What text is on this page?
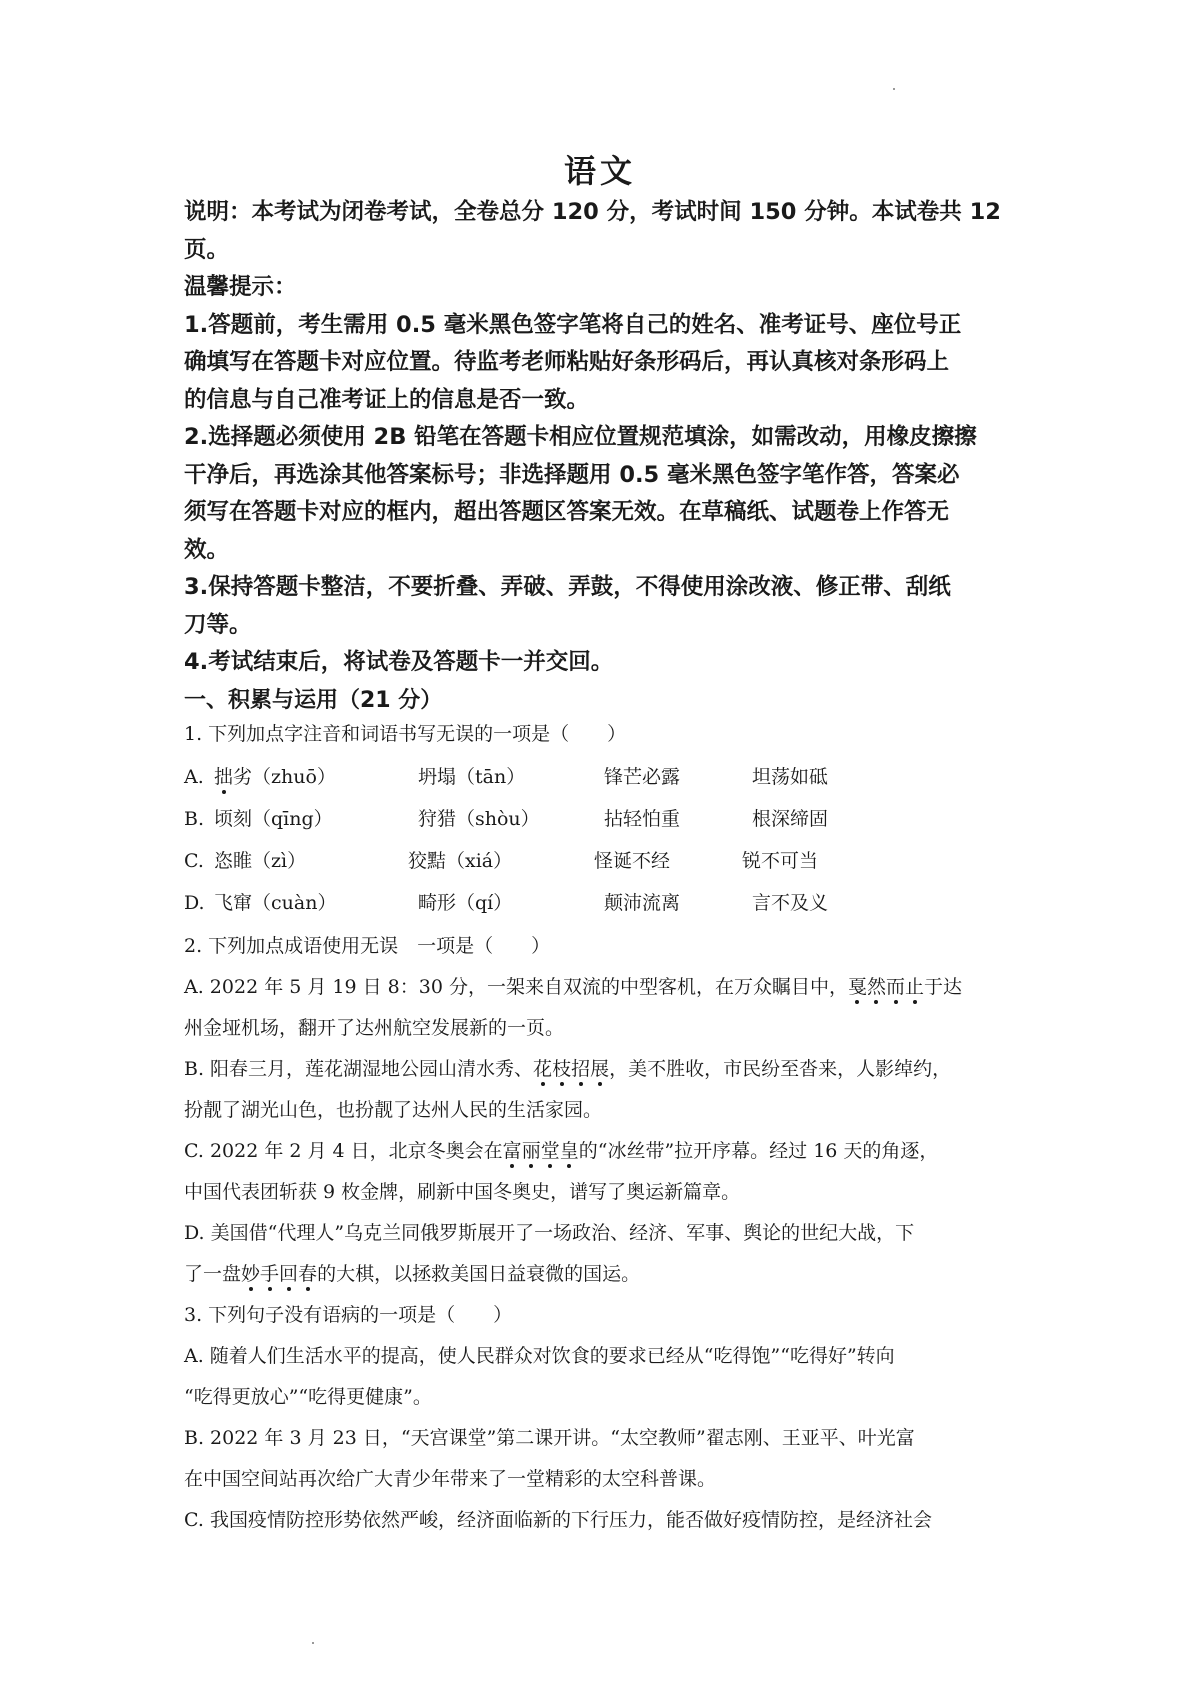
语文

说明：本考试为闭卷考试，全卷总分 120 分，考试时间 150 分钟。本试卷共 12

页。

温馨提示：

1.答题前，考生需用 0.5 毫米黑色签字笔将自己的姓名、准考证号、座位号正

确填写在答题卡对应位置。待监考老师粘贴好条形码后，再认真核对条形码上

的信息与自己准考证上的信息是否一致。

2.选择题必须使用 2B 铅笔在答题卡相应位置规范填涂，如需改动，用橡皮擦擦

干净后，再选涂其他答案标号；非选择题用 0.5 毫米黑色签字笔作答，答案必

须写在答题卡对应的框内，超出答题区答案无效。在草稿纸、试题卷上作答无

效。

3.保持答题卡整洁，不要折叠、弄破、弄鼓，不得使用涂改液、修正带、刮纸

刀等。

4.考试结束后，将试卷及答题卡一并交回。

一、积累与运用（21 分）

1. 下列加点字注音和词语书写无误的一项是（　　）

A. 拙劣（zhuō）	坍塌（tān）	锋芒必露	坦荡如砥
B. 顷刻（qīng）	狩猎（shòu）	拈轻怕重	根深缔固
C. 恣睢（zì）	狡黠（xiá）	怪诞不经	锐不可当
D. 飞窜（cuàn）	畸形（qí）	颠沛流离	言不及义

2. 下列加点成语使用无误　一项是（　　）

A. 2022 年 5 月 19 日 8：30 分，一架来自双流的中型客机，在万众瞩目中，戛然而止于达

州金垭机场，翻开了达州航空发展新的一页。

B. 阳春三月，莲花湖湿地公园山清水秀、花枝招展，美不胜收，市民纷至沓来，人影绰约，

扮靓了湖光山色，也扮靓了达州人民的生活家园。

C. 2022 年 2 月 4 日，北京冬奥会在富丽堂皇的“冰丝带”拉开序幕。经过 16 天的角逐，

中国代表团斩获 9 枚金牌，刷新中国冬奥史，谱写了奥运新篇章。

D. 美国借“代理人”乌克兰同俄罗斯展开了一场政治、经济、军事、舆论的世纪大战，下

了一盘妙手回春的大棋，以拯救美国日益衰微的国运。

3. 下列句子没有语病的一项是（　　）

A. 随着人们生活水平的提高，使人民群众对饮食的要求已经从“吃得饱”“吃得好”转向

“吃得更放心”“吃得更健康”。

B. 2022 年 3 月 23 日，“天宫课堂”第二课开讲。“太空教师”翟志刚、王亚平、叶光富

在中国空间站再次给广大青少年带来了一堂精彩的太空科普课。

C. 我国疫情防控形势依然严峻，经济面临新的下行压力，能否做好疫情防控，是经济社会
